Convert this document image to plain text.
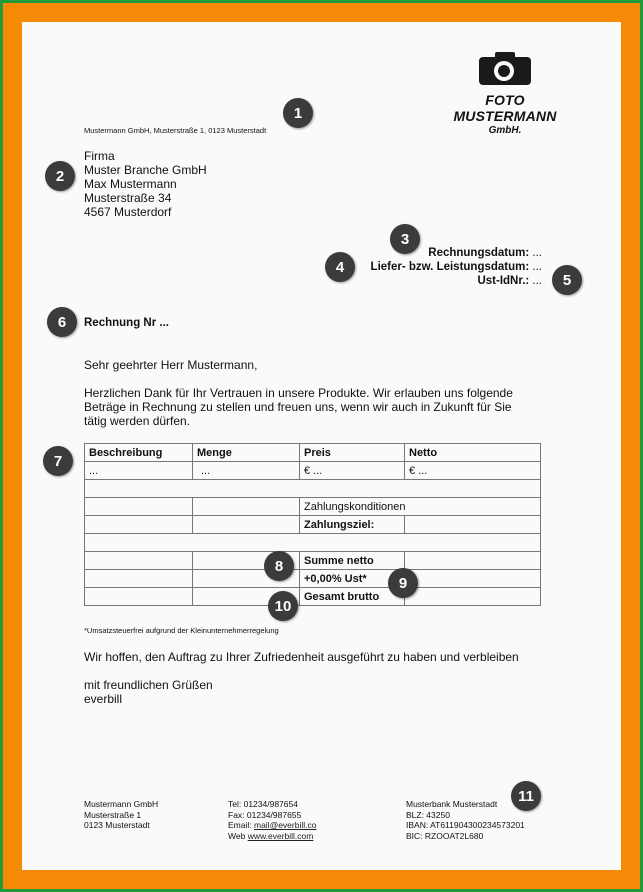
FOTO MUSTERMANN
GmbH.
Mustermann GmbH, Musterstraße 1, 0123 Musterstadt
Firma
Muster Branche GmbH
Max Mustermann
Musterstraße 34
4567 Musterdorf
Rechnungsdatum: ...
Liefer- bzw. Leistungsdatum: ...
Ust-IdNr.: ...
Rechnung Nr ...
Sehr geehrter Herr Mustermann,
Herzlichen Dank für Ihr Vertrauen in unsere Produkte. Wir erlauben uns folgende
Beträge in Rechnung zu stellen und freuen uns, wenn wir auch in Zukunft für Sie
tätig werden dürfen.
Beschreibung	Menge	Preis	Netto
...	...	€ ...	€ ...

		Zahlungskonditionen	
		Zahlungsziel:	

		Summe netto	
		+0,00% Ust*	
		Gesamt brutto	
*Umsatzsteuerfrei aufgrund der Kleinunternehmerregelung
Wir hoffen, den Auftrag zu Ihrer Zufriedenheit ausgeführt zu haben und verbleiben
mit freundlichen Grüßen
everbill
Mustermann GmbH
Musterstraße 1
0123 Musterstadt
Tel: 01234/987654
Fax: 01234/987655
Email: mail@everbill.co
Web www.everbill.com
Musterbank Musterstadt
BLZ: 43250
IBAN: AT611904300234573201
BIC: RZOOAT2L680
1
2
3
4
5
6
7
8
9
10
11
